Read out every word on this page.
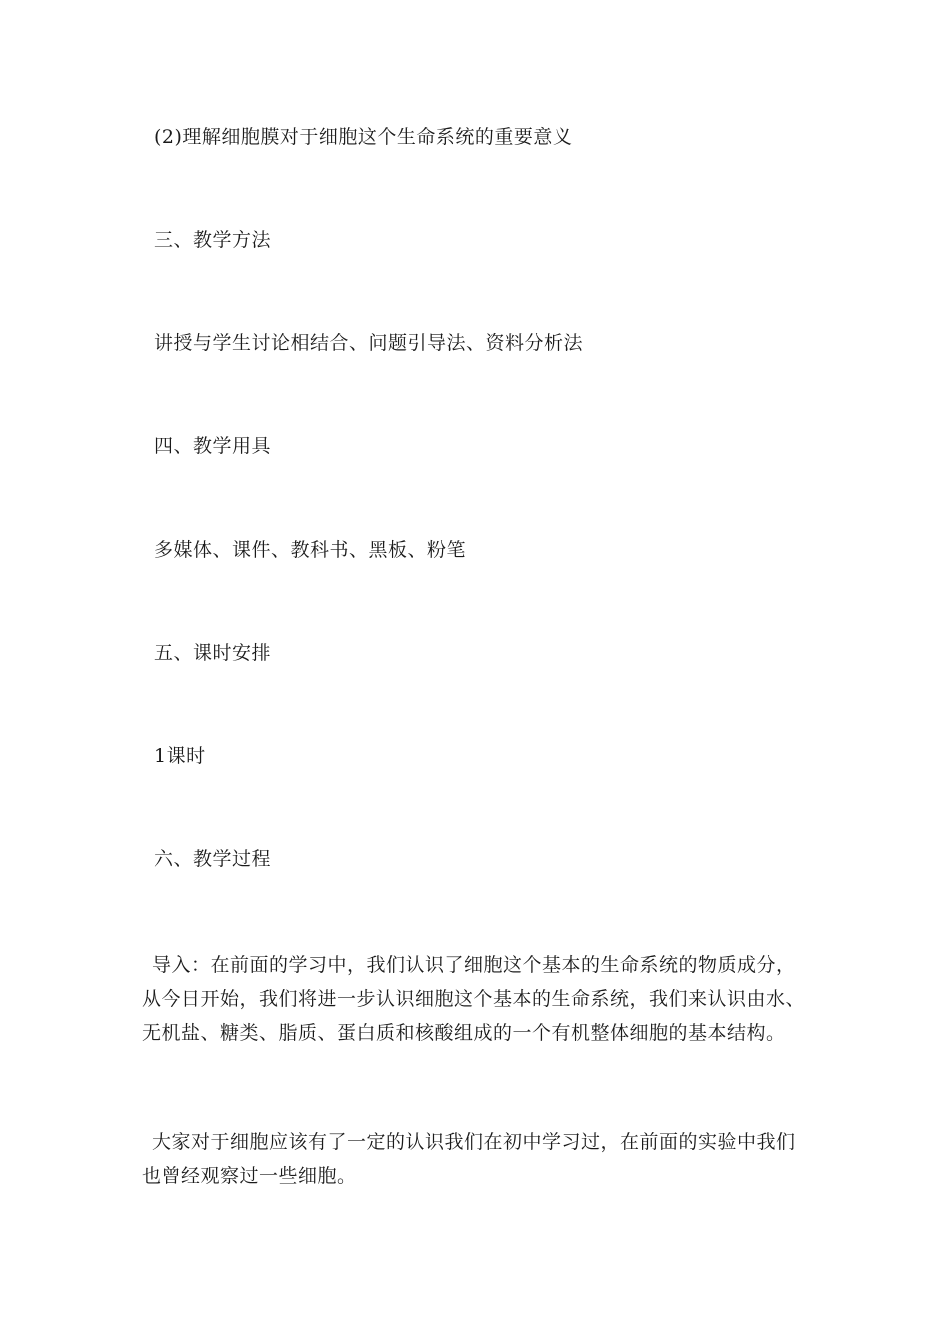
(2)理解细胞膜对于细胞这个生命系统的重要意义
三、教学方法
讲授与学生讨论相结合、问题引导法、资料分析法
四、教学用具
多媒体、课件、教科书、黑板、粉笔
五、课时安排
1课时
六、教学过程
导入：在前面的学习中，我们认识了细胞这个基本的生命系统的物质成分，从今日开始，我们将进一步认识细胞这个基本的生命系统，我们来认识由水、无机盐、糖类、脂质、蛋白质和核酸组成的一个有机整体细胞的基本结构。
大家对于细胞应该有了一定的认识我们在初中学习过，在前面的实验中我们也曾经观察过一些细胞。
